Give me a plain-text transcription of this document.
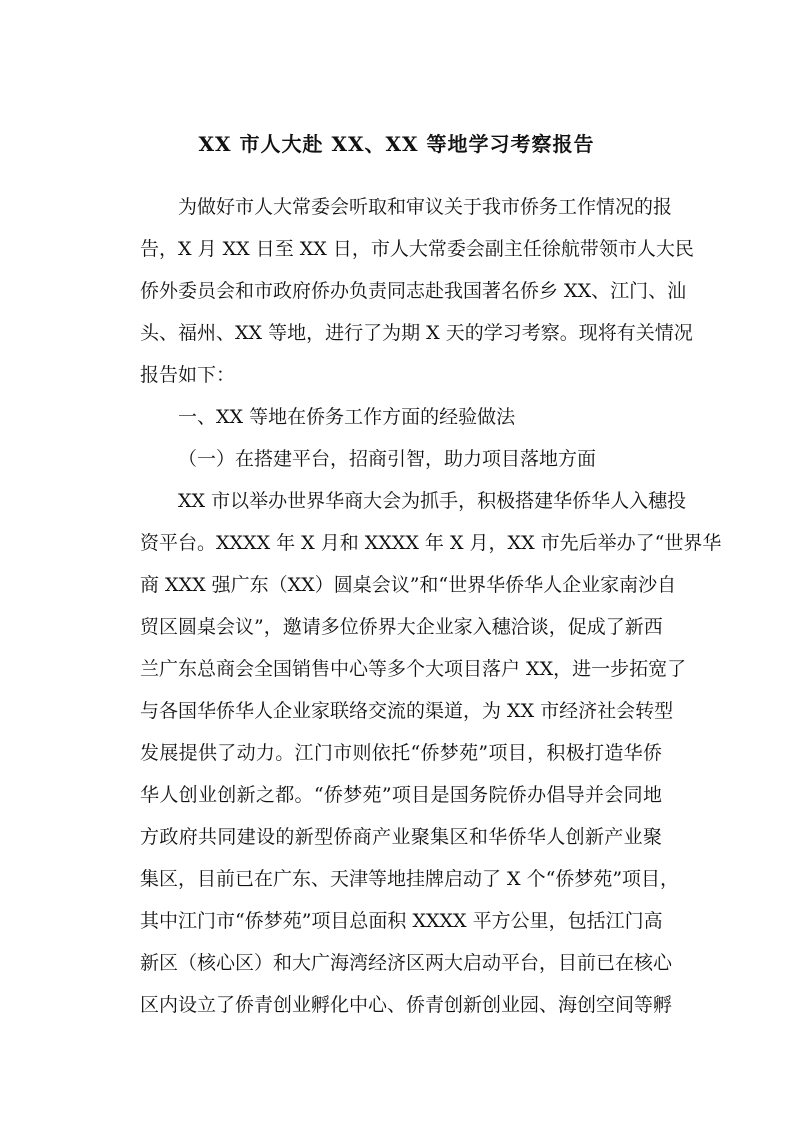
XX 市人大赴 XX、XX 等地学习考察报告
为做好市人大常委会听取和审议关于我市侨务工作情况的报
告，X 月 XX 日至 XX 日，市人大常委会副主任徐航带领市人大民
侨外委员会和市政府侨办负责同志赴我国著名侨乡 XX、江门、汕
头、福州、XX 等地，进行了为期 X 天的学习考察。现将有关情况
报告如下：
一、XX 等地在侨务工作方面的经验做法
（一）在搭建平台，招商引智，助力项目落地方面
XX 市以举办世界华商大会为抓手，积极搭建华侨华人入穗投
资平台。XXXX 年 X 月和 XXXX 年 X 月，XX 市先后举办了“世界华
商 XXX 强广东（XX）圆桌会议”和“世界华侨华人企业家南沙自
贸区圆桌会议”，邀请多位侨界大企业家入穗洽谈，促成了新西
兰广东总商会全国销售中心等多个大项目落户 XX，进一步拓宽了
与各国华侨华人企业家联络交流的渠道，为 XX 市经济社会转型
发展提供了动力。江门市则依托“侨梦苑”项目，积极打造华侨
华人创业创新之都。“侨梦苑”项目是国务院侨办倡导并会同地
方政府共同建设的新型侨商产业聚集区和华侨华人创新产业聚
集区，目前已在广东、天津等地挂牌启动了 X 个“侨梦苑”项目，
其中江门市“侨梦苑”项目总面积 XXXX 平方公里，包括江门高
新区（核心区）和大广海湾经济区两大启动平台，目前已在核心
区内设立了侨青创业孵化中心、侨青创新创业园、海创空间等孵
